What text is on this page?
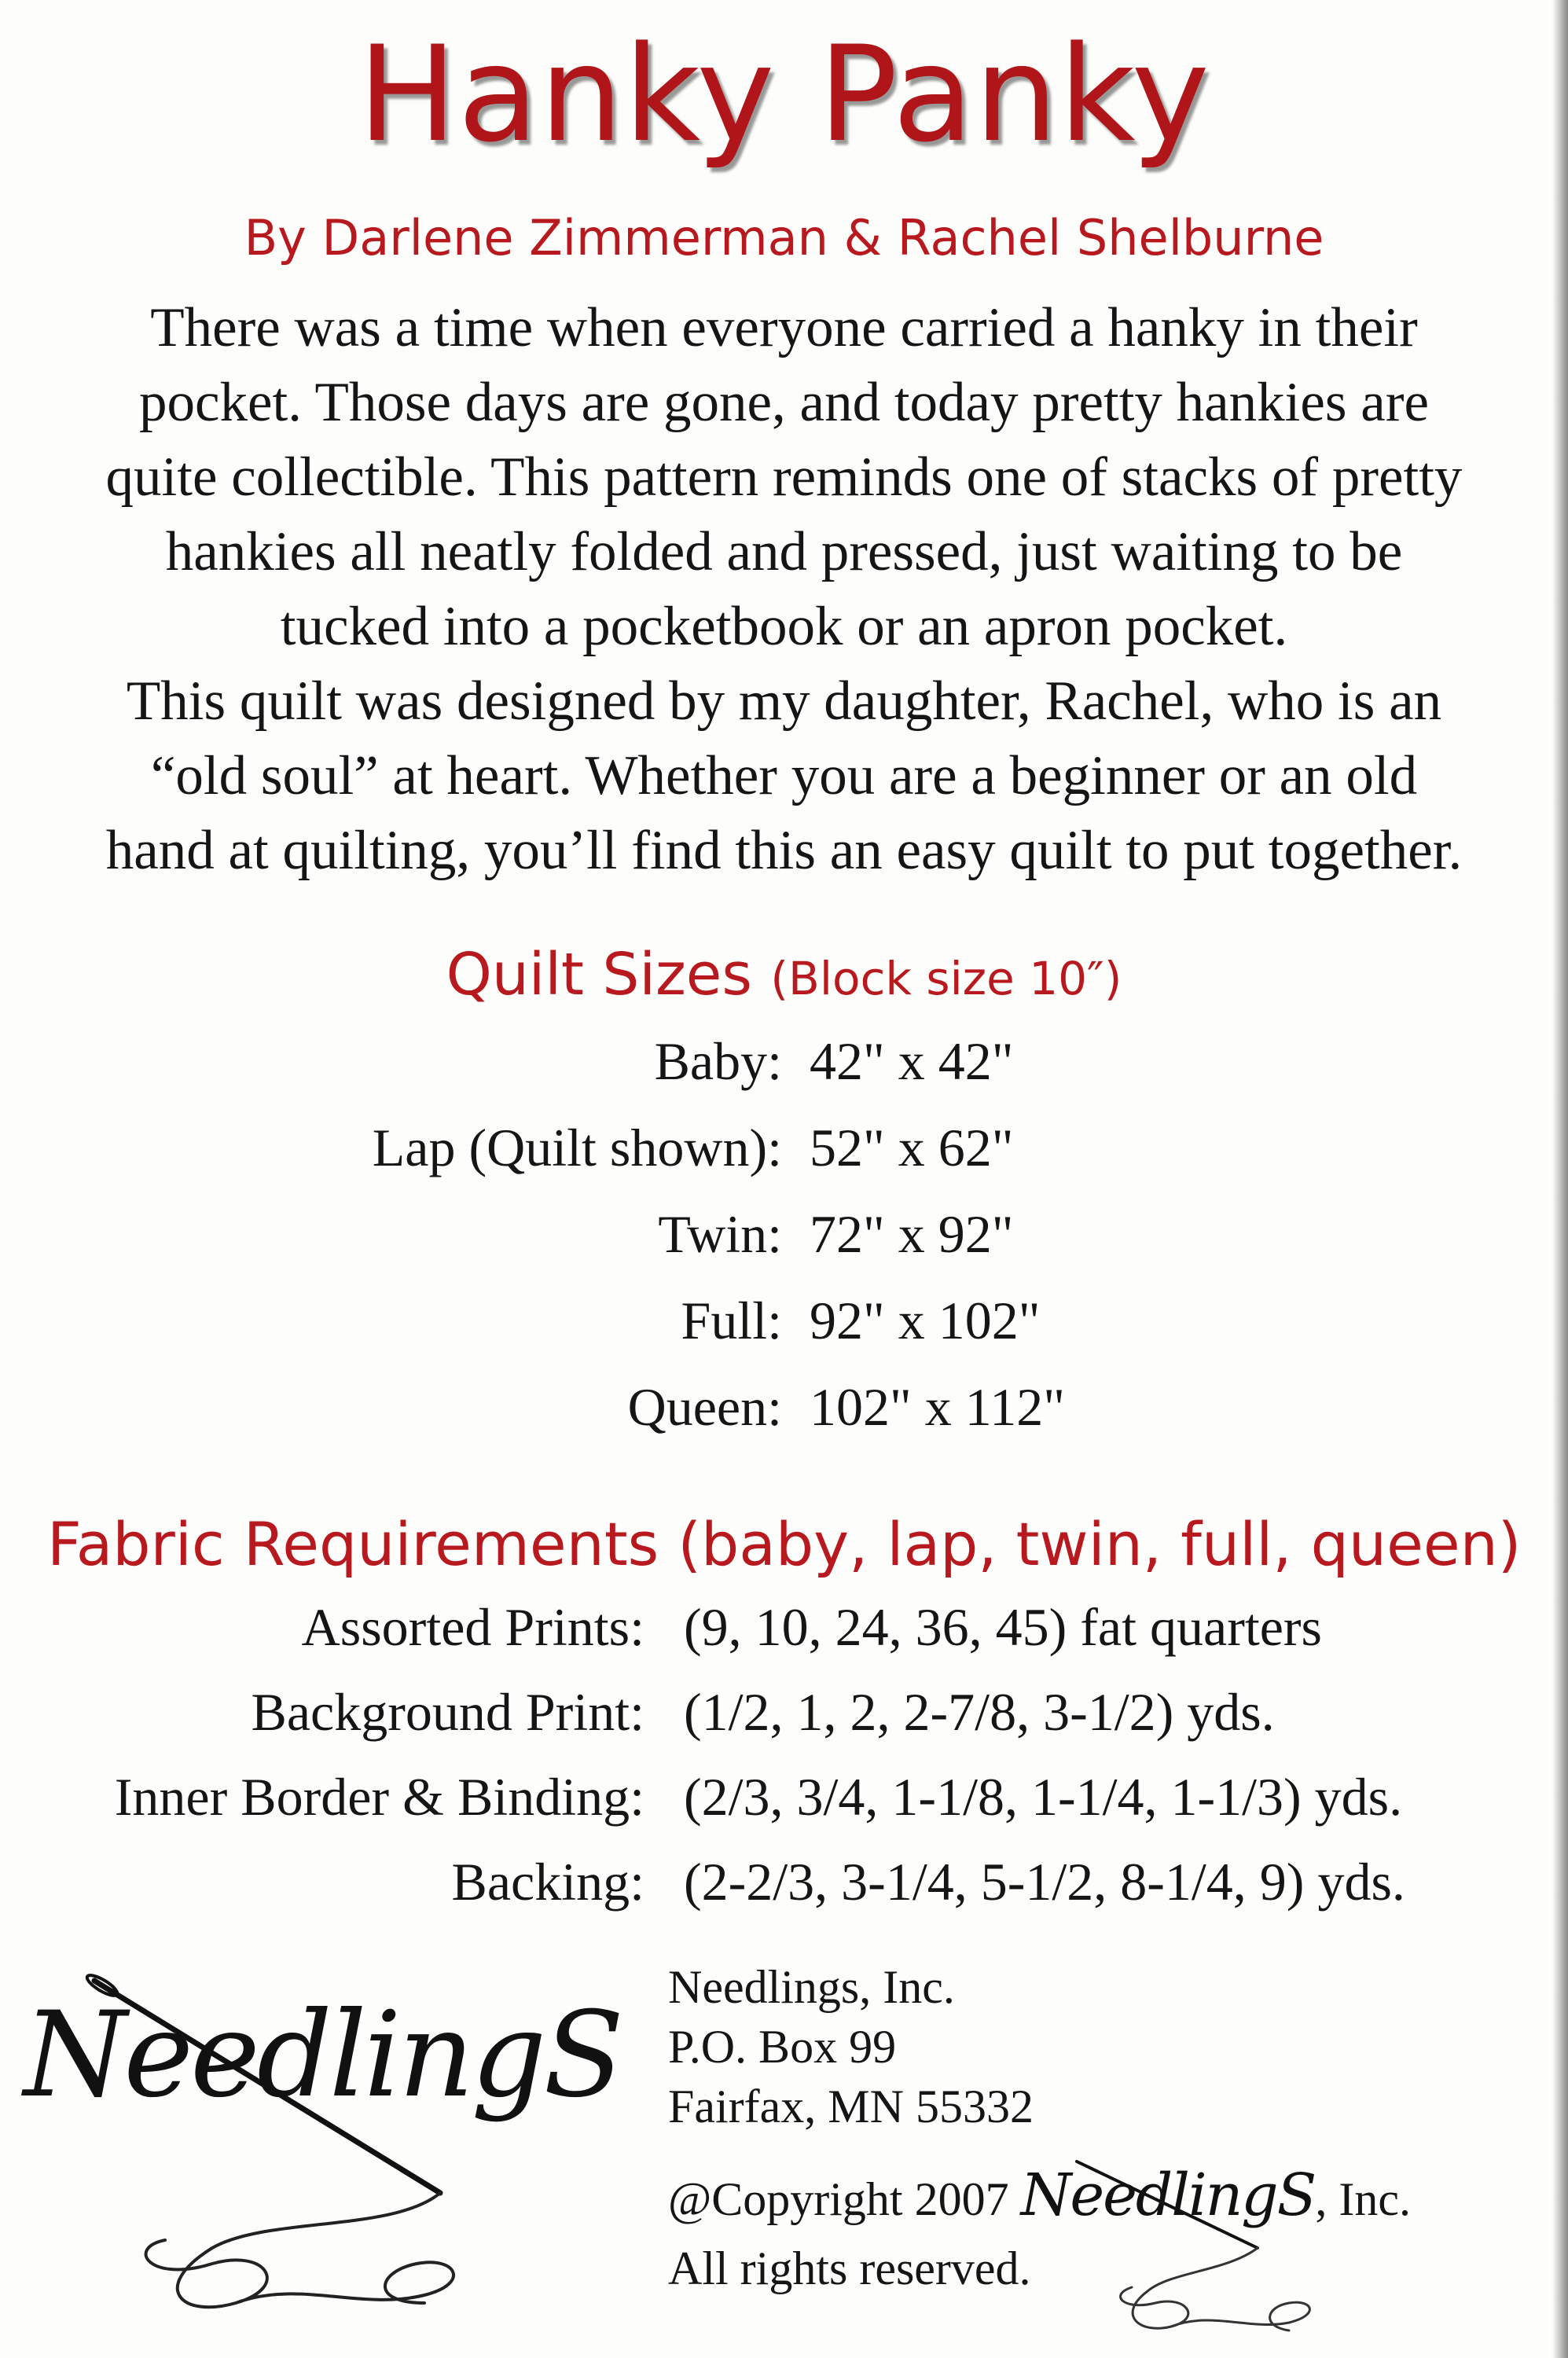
Hanky Panky
By Darlene Zimmerman & Rachel Shelburne

There was a time when everyone carried a hanky in their

pocket. Those days are gone, and today pretty hankies are

quite collectible. This pattern reminds one of stacks of pretty

hankies all neatly folded and pressed, just waiting to be

tucked into a pocketbook or an apron pocket.

This quilt was designed by my daughter, Rachel, who is an

“old soul” at heart. Whether you are a beginner or an old

hand at quilting, you’ll find this an easy quilt to put together.

Quilt Sizes (Block size 10″)
Baby: 42" x 42"
Lap (Quilt shown): 52" x 62"
Twin: 72" x 92"
Full: 92" x 102"
Queen: 102" x 112"
Fabric Requirements (baby, lap, twin, full, queen)
Assorted Prints: (9, 10, 24, 36, 45) fat quarters
Background Print: (1/2, 1, 2, 2-7/8, 3-1/2) yds.
Inner Border & Binding: (2/3, 3/4, 1-1/8, 1-1/4, 1-1/3) yds.
Backing: (2-2/3, 3-1/4, 5-1/2, 8-1/4, 9) yds.
NeedlingS Needlings, Inc.
P.O. Box 99
Fairfax, MN 55332
@Copyright 2007 NeedlingS, Inc.
All rights reserved.
